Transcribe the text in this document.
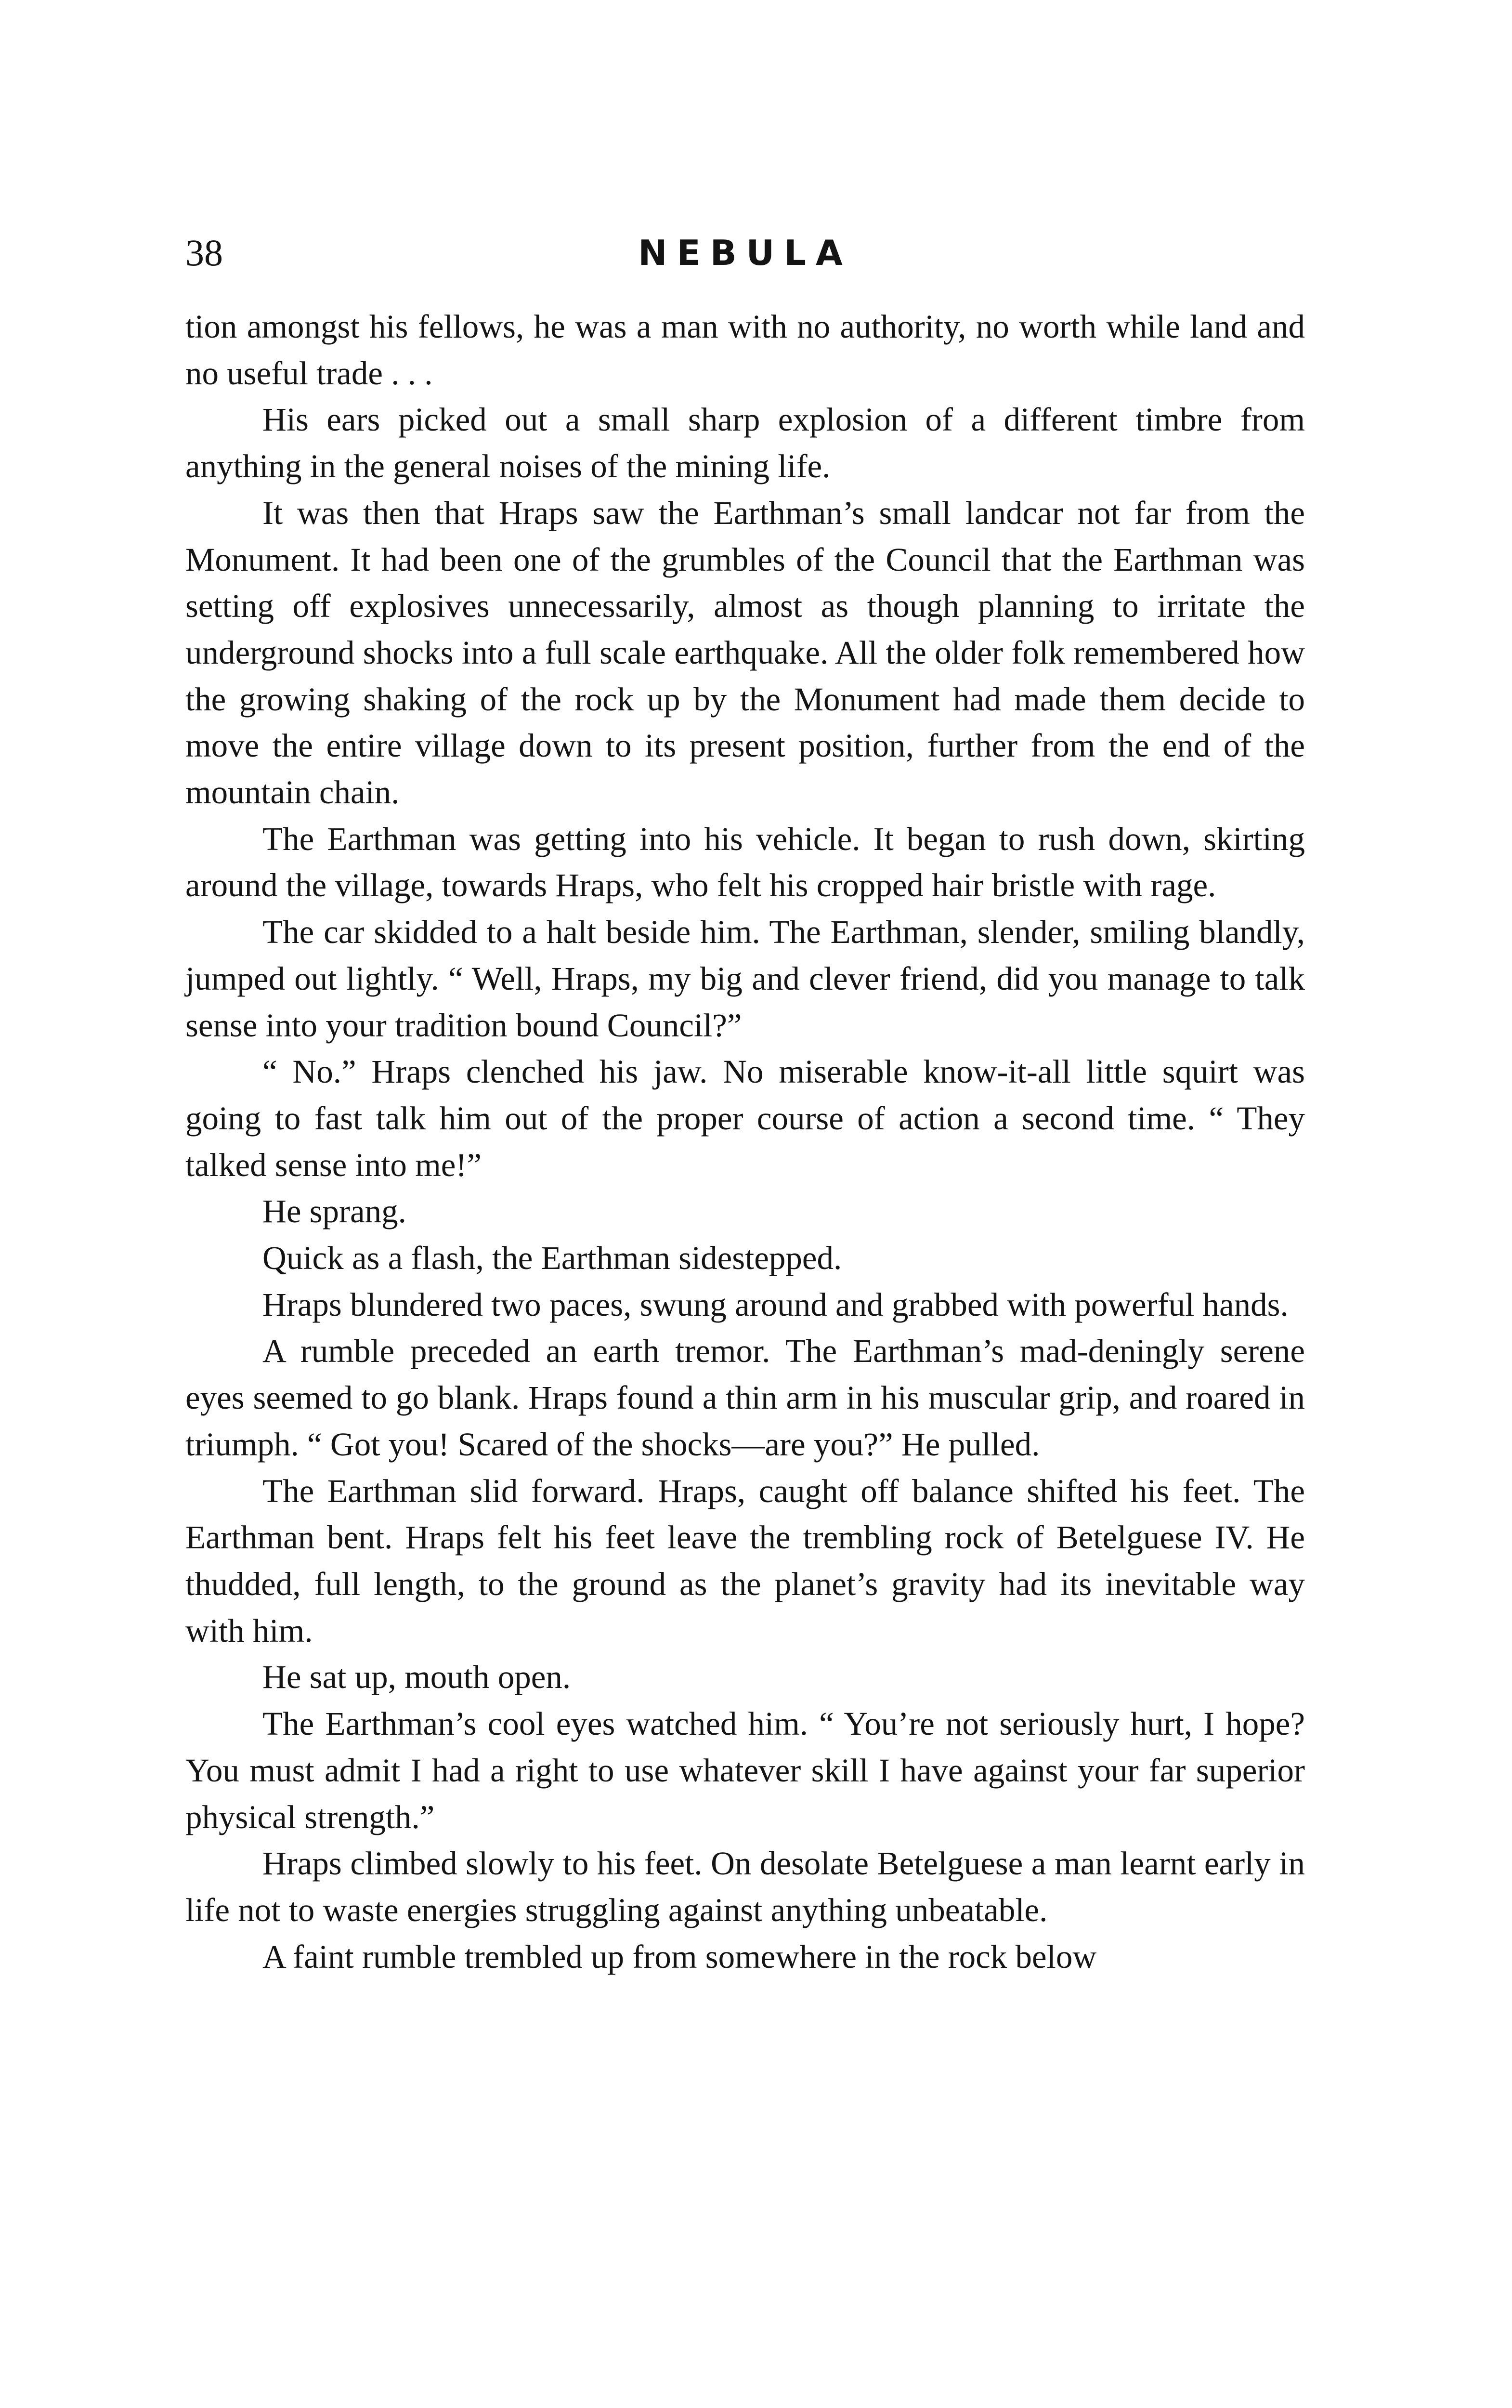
38	NEBULA

tion amongst his fellows, he was a man with no authority, no worth while land and no useful trade . . .

His ears picked out a small sharp explosion of a different timbre from anything in the general noises of the mining life.

It was then that Hraps saw the Earthman’s small landcar not far from the Monument. It had been one of the grumbles of the Council that the Earthman was setting off explosives unnecessarily, almost as though planning to irritate the underground shocks into a full scale earthquake. All the older folk remembered how the growing shaking of the rock up by the Monument had made them decide to move the entire village down to its present position, further from the end of the mountain chain.

The Earthman was getting into his vehicle. It began to rush down, skirting around the village, towards Hraps, who felt his cropped hair bristle with rage.

The car skidded to a halt beside him. The Earthman, slender, smiling blandly, jumped out lightly. “ Well, Hraps, my big and clever friend, did you manage to talk sense into your tradition bound Council?”

“ No.” Hraps clenched his jaw. No miserable know-it-all little squirt was going to fast talk him out of the proper course of action a second time. “ They talked sense into me!”

He sprang.

Quick as a flash, the Earthman sidestepped.

Hraps blundered two paces, swung around and grabbed with powerful hands.

A rumble preceded an earth tremor. The Earthman’s mad-deningly serene eyes seemed to go blank. Hraps found a thin arm in his muscular grip, and roared in triumph. “ Got you! Scared of the shocks—are you?” He pulled.

The Earthman slid forward. Hraps, caught off balance shifted his feet. The Earthman bent. Hraps felt his feet leave the trembling rock of Betelguese IV. He thudded, full length, to the ground as the planet’s gravity had its inevitable way with him.

He sat up, mouth open.

The Earthman’s cool eyes watched him. “ You’re not seriously hurt, I hope? You must admit I had a right to use whatever skill I have against your far superior physical strength.”

Hraps climbed slowly to his feet. On desolate Betelguese a man learnt early in life not to waste energies struggling against anything unbeatable.

A faint rumble trembled up from somewhere in the rock below
